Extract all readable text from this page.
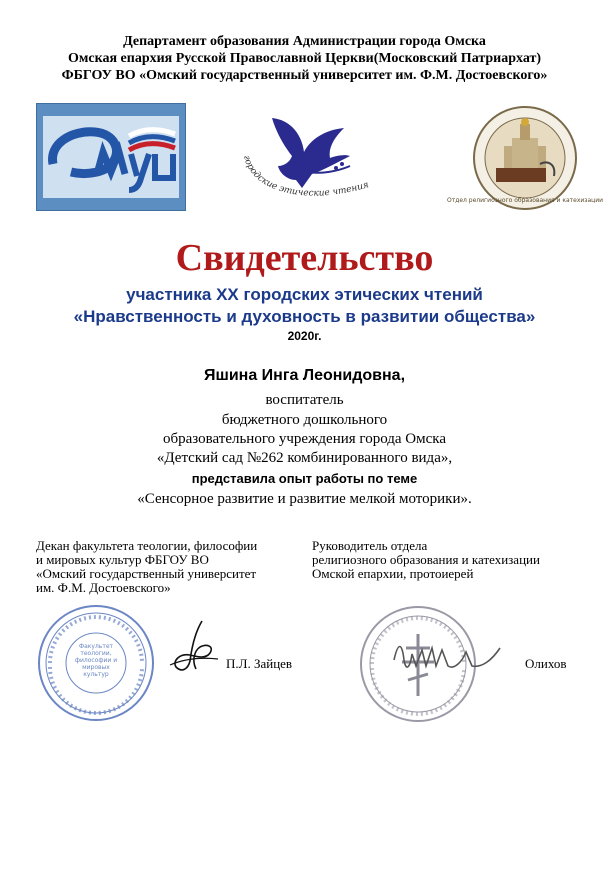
Департамент образования Администрации города Омска
Омская епархия Русской Православной Церкви(Московский Патриархат)
ФБГОУ ВО «Омский государственный университет им. Ф.М. Достоевского»
городские этические чтения
Отдел религиозного образования и катехизации
Свидетельство
участника XX городских этических чтений
«Нравственность и духовность в развитии общества»
2020г.
Яшина Инга Леонидовна,
воспитатель
бюджетного дошкольного
образовательного учреждения города Омска
«Детский сад №262 комбинированного вида»,
представила опыт работы по теме
«Сенсорное развитие и развитие мелкой моторики».
Декан факультета теологии, философии
и мировых культур ФБГОУ ВО
«Омский государственный университет
им. Ф.М. Достоевского»
Руководитель отдела
религиозного образования и катехизации
Омской епархии, протоиерей
Факультет теологии, философии и мировых культур
П.Л. Зайцев	Олихов
